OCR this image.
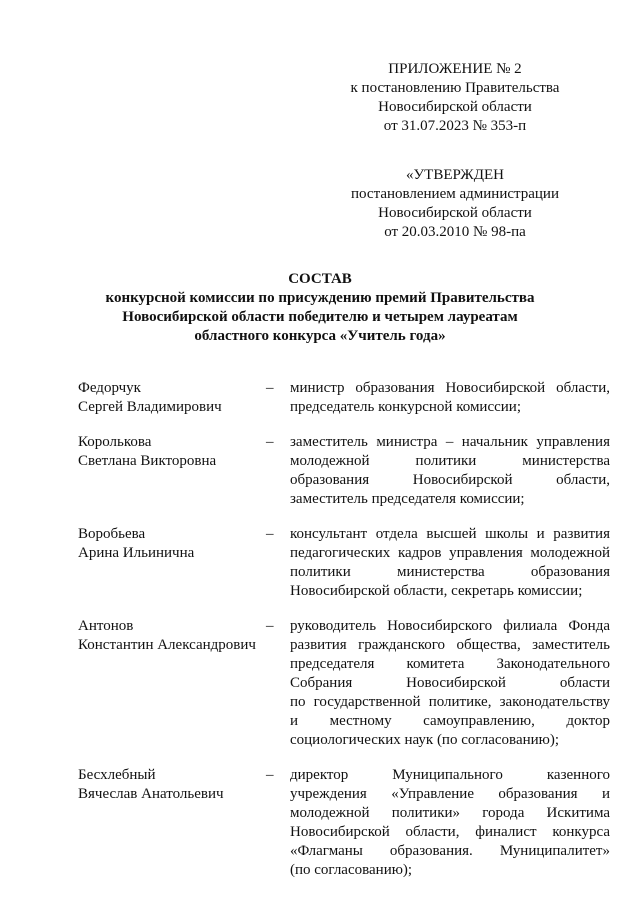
ПРИЛОЖЕНИЕ № 2
к постановлению Правительства
Новосибирской области
от 31.07.2023 № 353-п
«УТВЕРЖДЕН
постановлением администрации
Новосибирской области
от 20.03.2010 № 98-па
СОСТАВ
конкурсной комиссии по присуждению премий Правительства
Новосибирской области победителю и четырем лауреатам
областного конкурса «Учитель года»
Федорчук
Сергей Владимирович
–	министр образования Новосибирской области,
председатель конкурсной комиссии;
Королькова
Светлана Викторовна
–	заместитель министра – начальник управления
молодежной политики министерства
образования Новосибирской области,
заместитель председателя комиссии;
Воробьева
Арина Ильинична
–	консультант отдела высшей школы и развития
педагогических кадров управления молодежной
политики министерства образования
Новосибирской области, секретарь комиссии;
Антонов
Константин Александрович
–	руководитель Новосибирского филиала Фонда
развития гражданского общества, заместитель
председателя комитета Законодательного
Собрания Новосибирской области
по государственной политике, законодательству
и местному самоуправлению, доктор
социологических наук (по согласованию);
Бесхлебный
Вячеслав Анатольевич
–	директор Муниципального казенного
учреждения «Управление образования и
молодежной политики» города Искитима
Новосибирской области, финалист конкурса
«Флагманы образования. Муниципалитет»
(по согласованию);
